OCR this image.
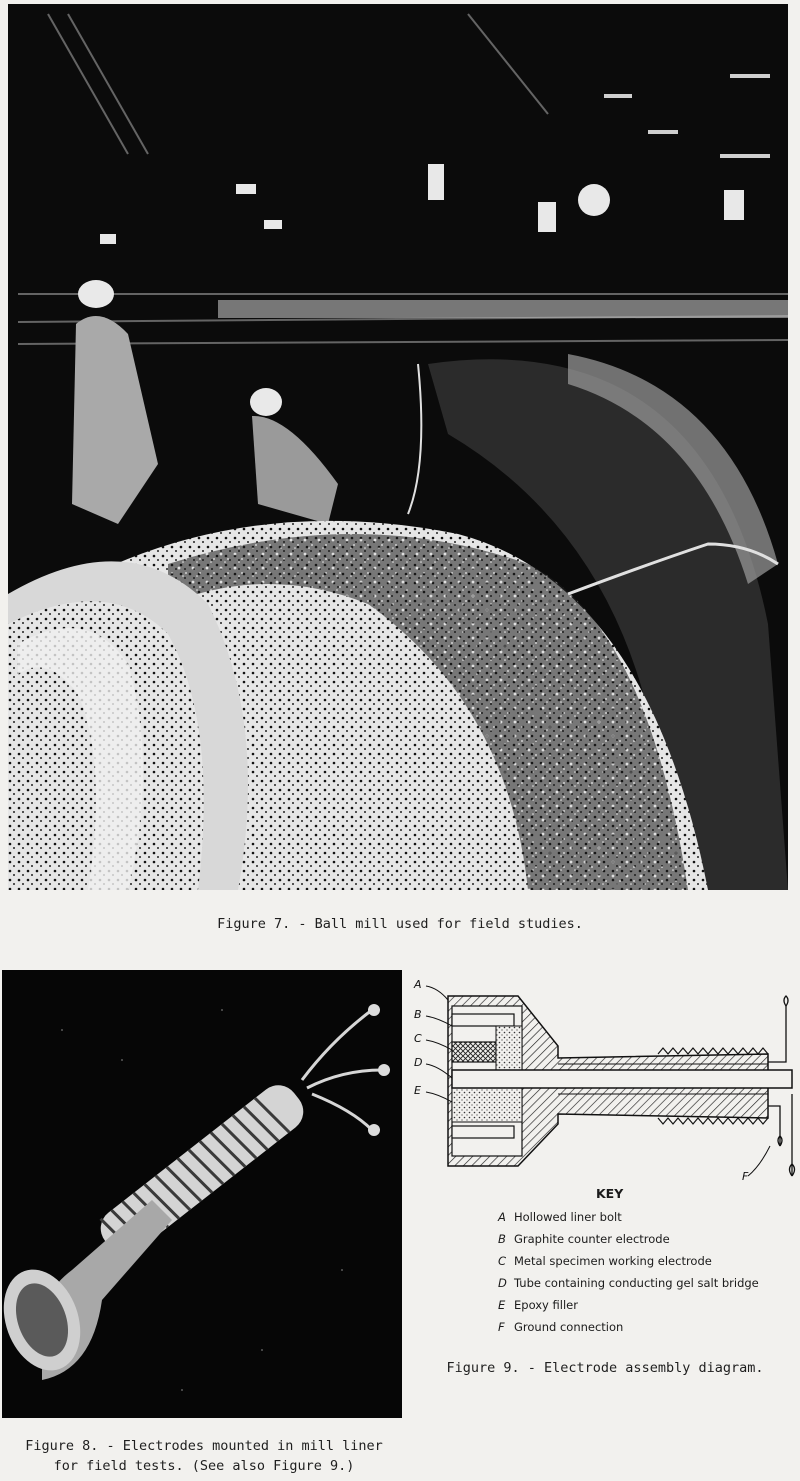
Figure 7. - Ball mill used for field studies.
Figure 8. - Electrodes mounted in mill liner
for field tests. (See also Figure 9.)
A
B
C
D
E
F
KEY
A Hollowed liner bolt
B Graphite counter electrode
C Metal specimen working electrode
D Tube containing conducting gel salt bridge
E Epoxy filler
F Ground connection
Figure 9. - Electrode assembly diagram.
